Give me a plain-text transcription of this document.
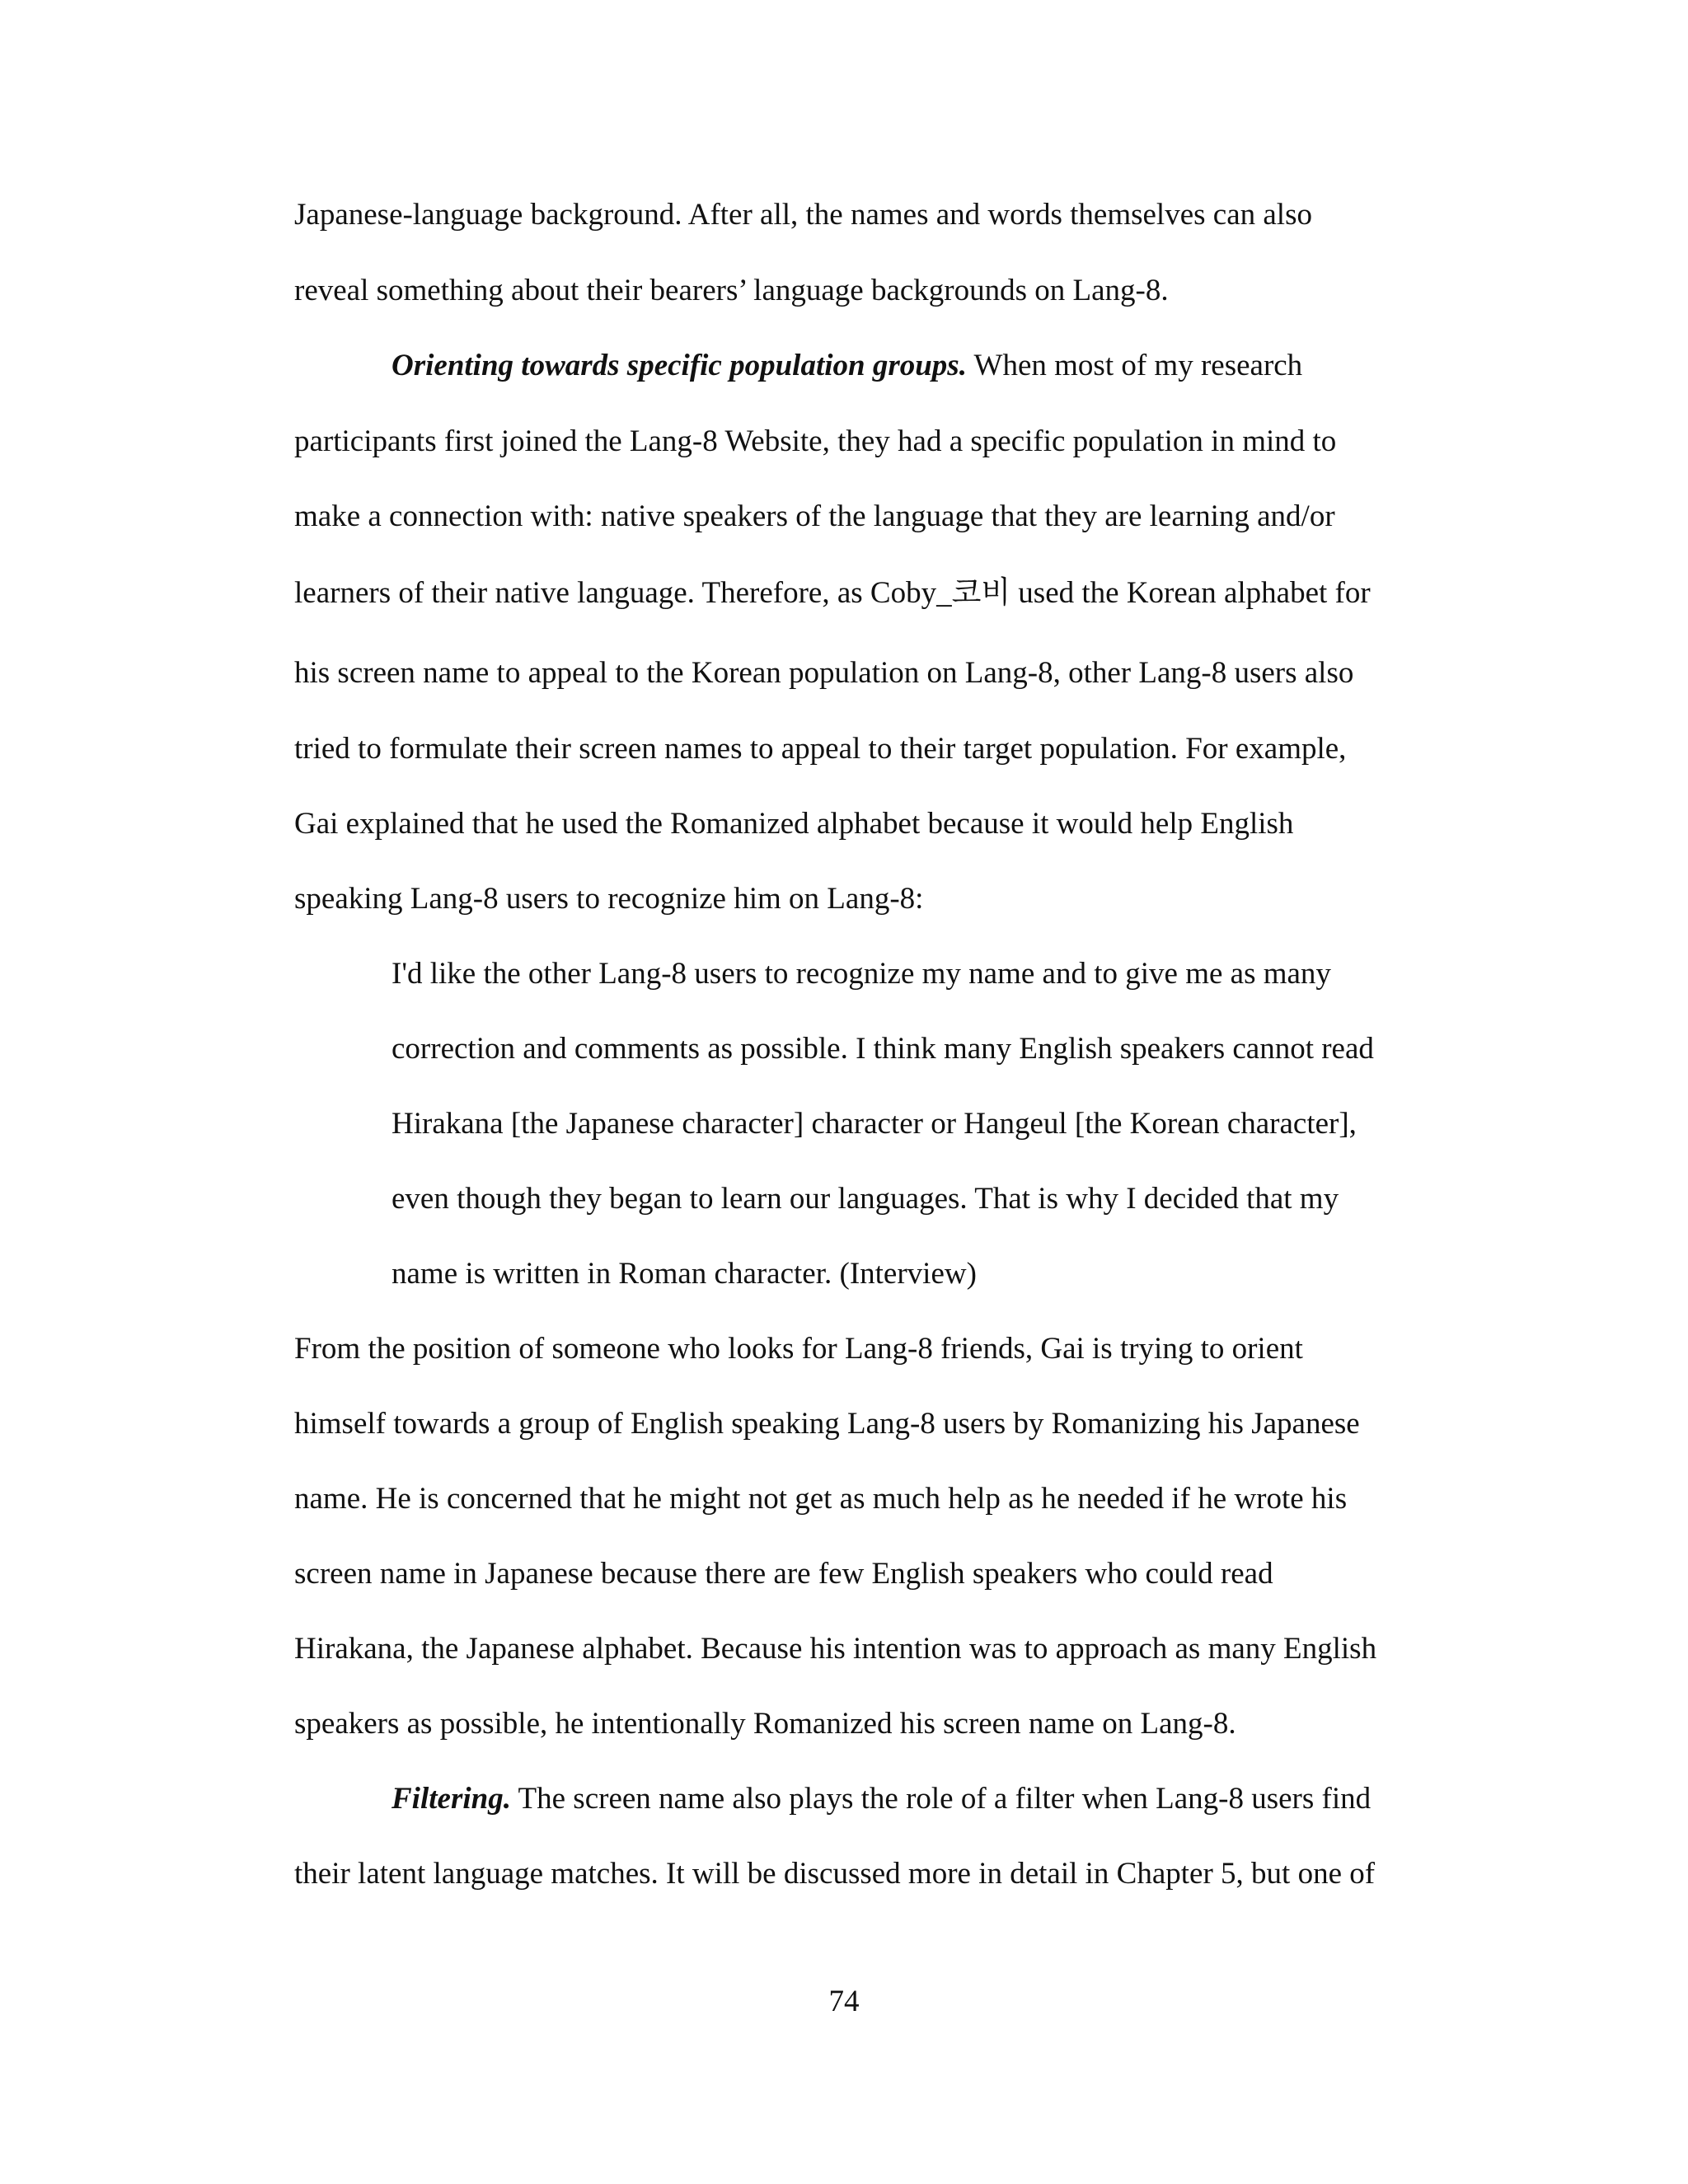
Japanese-language background. After all, the names and words themselves can also

reveal something about their bearers’ language backgrounds on Lang-8.

Orienting towards specific population groups. When most of my research

participants first joined the Lang-8 Website, they had a specific population in mind to

make a connection with: native speakers of the language that they are learning and/or

learners of their native language. Therefore, as Coby_코비 used the Korean alphabet for

his screen name to appeal to the Korean population on Lang-8, other Lang-8 users also

tried to formulate their screen names to appeal to their target population. For example,

Gai explained that he used the Romanized alphabet because it would help English

speaking Lang-8 users to recognize him on Lang-8:

I'd like the other Lang-8 users to recognize my name and to give me as many

correction and comments as possible. I think many English speakers cannot read

Hirakana [the Japanese character] character or Hangeul [the Korean character],

even though they began to learn our languages. That is why I decided that my

name is written in Roman character. (Interview)

From the position of someone who looks for Lang-8 friends, Gai is trying to orient

himself towards a group of English speaking Lang-8 users by Romanizing his Japanese

name. He is concerned that he might not get as much help as he needed if he wrote his

screen name in Japanese because there are few English speakers who could read

Hirakana, the Japanese alphabet. Because his intention was to approach as many English

speakers as possible, he intentionally Romanized his screen name on Lang-8.

Filtering. The screen name also plays the role of a filter when Lang-8 users find

their latent language matches. It will be discussed more in detail in Chapter 5, but one of

74
